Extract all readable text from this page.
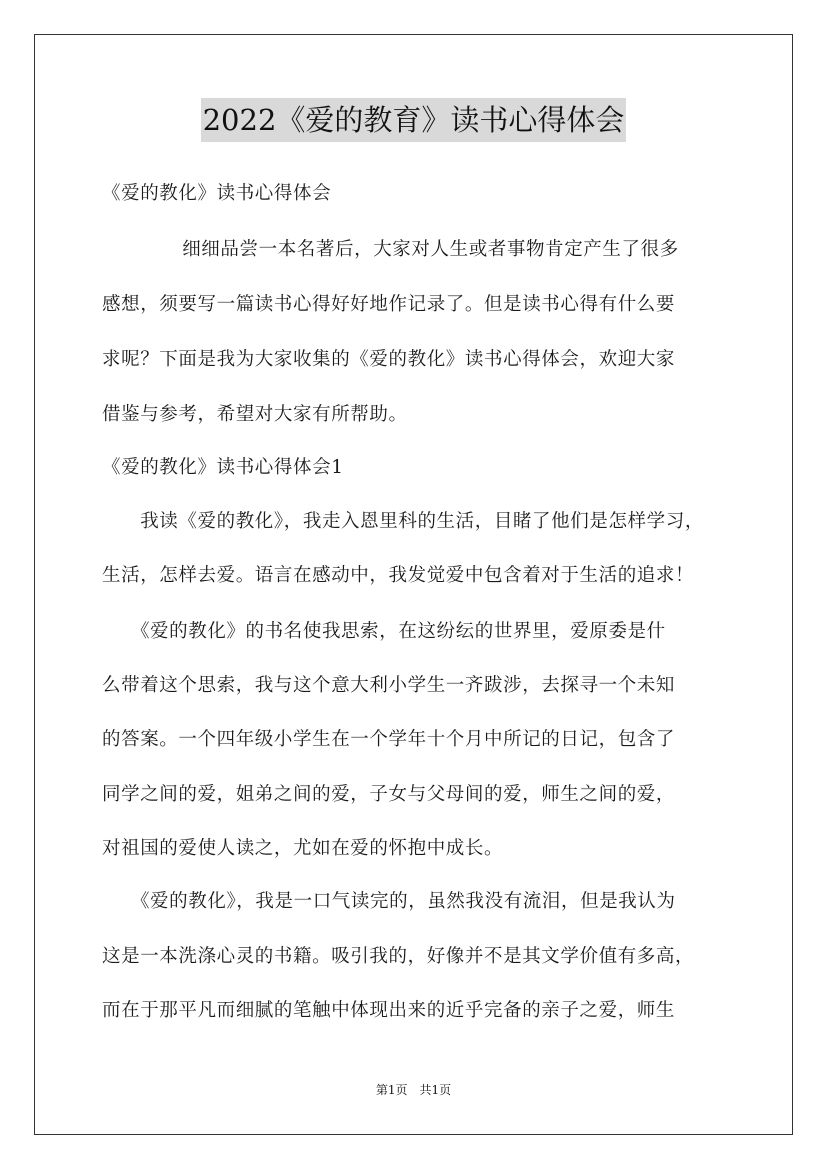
2022《爱的教育》读书心得体会
《爱的教化》读书心得体会
　　细细品尝一本名著后，大家对人生或者事物肯定产生了很多
感想，须要写一篇读书心得好好地作记录了。但是读书心得有什么要
求呢？下面是我为大家收集的《爱的教化》读书心得体会，欢迎大家
借鉴与参考，希望对大家有所帮助。
《爱的教化》读书心得体会1
　　我读《爱的教化》，我走入恩里科的生活，目睹了他们是怎样学习，
生活，怎样去爱。语言在感动中，我发觉爱中包含着对于生活的追求！
　　《爱的教化》的书名使我思索，在这纷纭的世界里，爱原委是什
么带着这个思索，我与这个意大利小学生一齐跋涉，去探寻一个未知
的答案。一个四年级小学生在一个学年十个月中所记的日记，包含了
同学之间的爱，姐弟之间的爱，子女与父母间的爱，师生之间的爱，
对祖国的爱使人读之，尤如在爱的怀抱中成长。
　　《爱的教化》，我是一口气读完的，虽然我没有流泪，但是我认为
这是一本洗涤心灵的书籍。吸引我的，好像并不是其文学价值有多高，
而在于那平凡而细腻的笔触中体现出来的近乎完备的亲子之爱，师生
第1页　共1页
